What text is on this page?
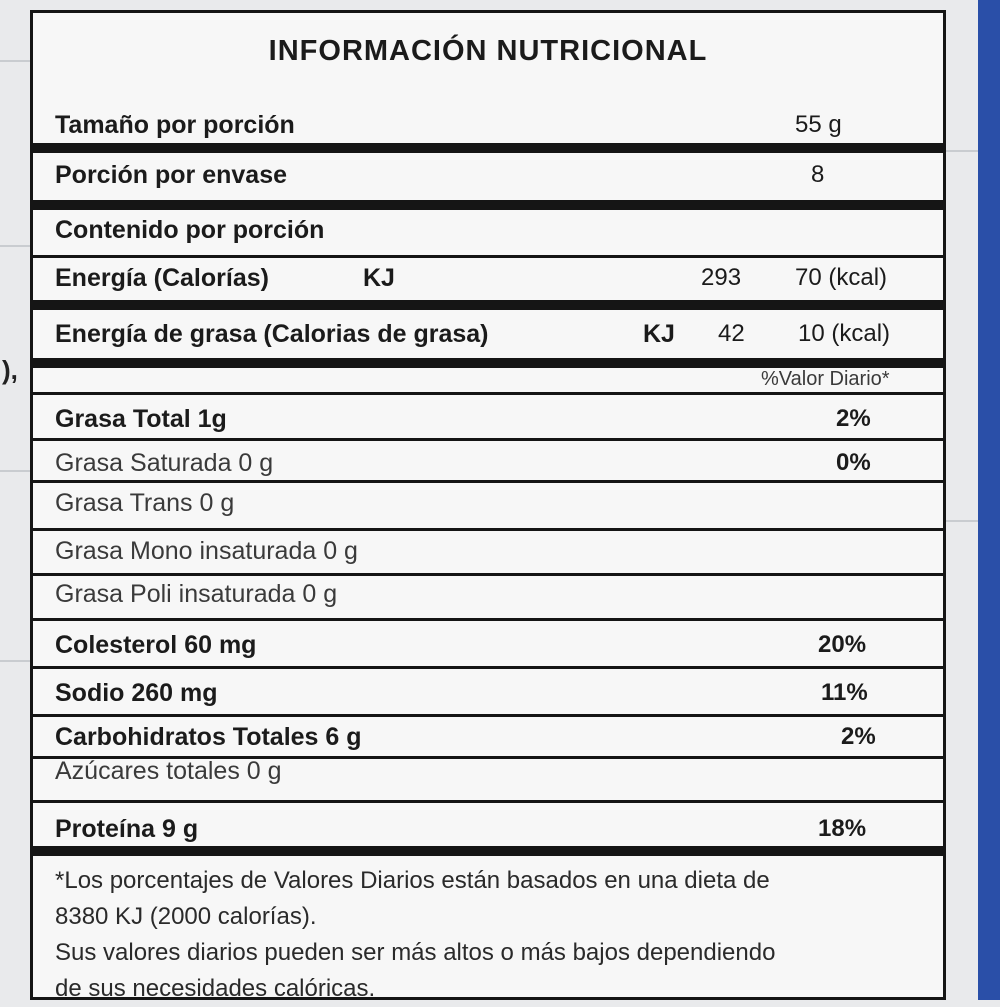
),
INFORMACIÓN NUTRICIONAL
Tamaño por porción	55 g
Porción por envase	8
Contenido por porción
Energía (Calorías)	KJ	293 70 (kcal)
Energía de grasa (Calorias de grasa)	KJ 42 10 (kcal)
%Valor Diario*
Grasa Total 1g	2%
Grasa Saturada 0 g	0%
Grasa Trans 0 g
Grasa Mono insaturada 0 g
Grasa Poli insaturada 0 g
Colesterol 60 mg	20%
Sodio 260 mg	11%
Carbohidratos Totales 6 g	2%
Azúcares totales 0 g
Proteína 9 g	18%
*Los porcentajes de Valores Diarios están basados en una dieta de
8380 KJ (2000 calorías).
Sus valores diarios pueden ser más altos o más bajos dependiendo
de sus necesidades calóricas.
